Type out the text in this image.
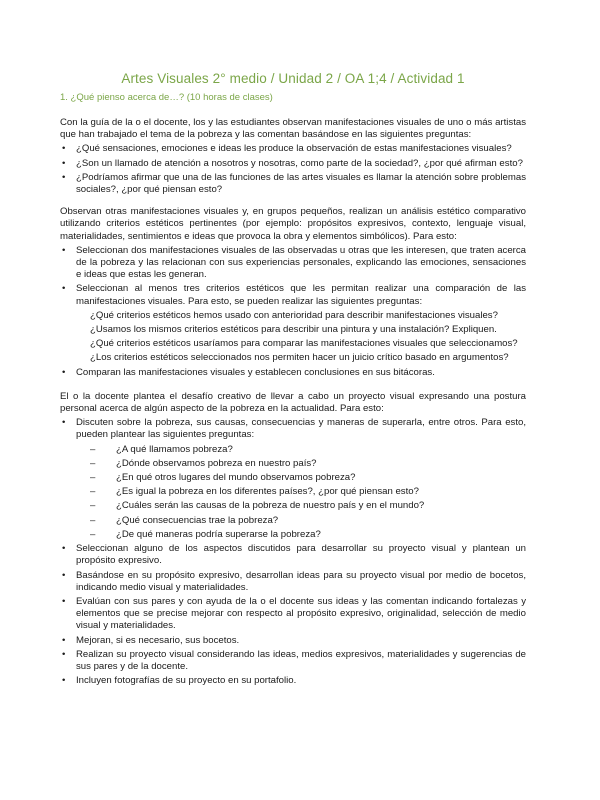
Artes Visuales 2° medio / Unidad 2 / OA 1;4 / Actividad 1

1. ¿Qué pienso acerca de…? (10 horas de clases)

Con la guía de la o el docente, los y las estudiantes observan manifestaciones visuales de uno o más artistas que han trabajado el tema de la pobreza y las comentan basándose en las siguientes preguntas:

• ¿Qué sensaciones, emociones e ideas les produce la observación de estas manifestaciones visuales?
• ¿Son un llamado de atención a nosotros y nosotras, como parte de la sociedad?, ¿por qué afirman esto?
• ¿Podríamos afirmar que una de las funciones de las artes visuales es llamar la atención sobre problemas sociales?, ¿por qué piensan esto?

Observan otras manifestaciones visuales y, en grupos pequeños, realizan un análisis estético comparativo utilizando criterios estéticos pertinentes (por ejemplo: propósitos expresivos, contexto, lenguaje visual, materialidades, sentimientos e ideas que provoca la obra y elementos simbólicos). Para esto:

• Seleccionan dos manifestaciones visuales de las observadas u otras que les interesen, que traten acerca de la pobreza y las relacionan con sus experiencias personales, explicando las emociones, sensaciones e ideas que estas les generan.
• Seleccionan al menos tres criterios estéticos que les permitan realizar una comparación de las manifestaciones visuales. Para esto, se pueden realizar las siguientes preguntas:
¿Qué criterios estéticos hemos usado con anterioridad para describir manifestaciones visuales?
¿Usamos los mismos criterios estéticos para describir una pintura y una instalación? Expliquen.
¿Qué criterios estéticos usaríamos para comparar las manifestaciones visuales que seleccionamos?
¿Los criterios estéticos seleccionados nos permiten hacer un juicio crítico basado en argumentos?
• Comparan las manifestaciones visuales y establecen conclusiones en sus bitácoras.

El o la docente plantea el desafío creativo de llevar a cabo un proyecto visual expresando una postura personal acerca de algún aspecto de la pobreza en la actualidad. Para esto:

• Discuten sobre la pobreza, sus causas, consecuencias y maneras de superarla, entre otros. Para esto, pueden plantear las siguientes preguntas:
– ¿A qué llamamos pobreza?
– ¿Dónde observamos pobreza en nuestro país?
– ¿En qué otros lugares del mundo observamos pobreza?
– ¿Es igual la pobreza en los diferentes países?, ¿por qué piensan esto?
– ¿Cuáles serán las causas de la pobreza de nuestro país y en el mundo?
– ¿Qué consecuencias trae la pobreza?
– ¿De qué maneras podría superarse la pobreza?
• Seleccionan alguno de los aspectos discutidos para desarrollar su proyecto visual y plantean un propósito expresivo.
• Basándose en su propósito expresivo, desarrollan ideas para su proyecto visual por medio de bocetos, indicando medio visual y materialidades.
• Evalúan con sus pares y con ayuda de la o el docente sus ideas y las comentan indicando fortalezas y elementos que se precise mejorar con respecto al propósito expresivo, originalidad, selección de medio visual y materialidades.
• Mejoran, si es necesario, sus bocetos.
• Realizan su proyecto visual considerando las ideas, medios expresivos, materialidades y sugerencias de sus pares y de la docente.
• Incluyen fotografías de su proyecto en su portafolio.
